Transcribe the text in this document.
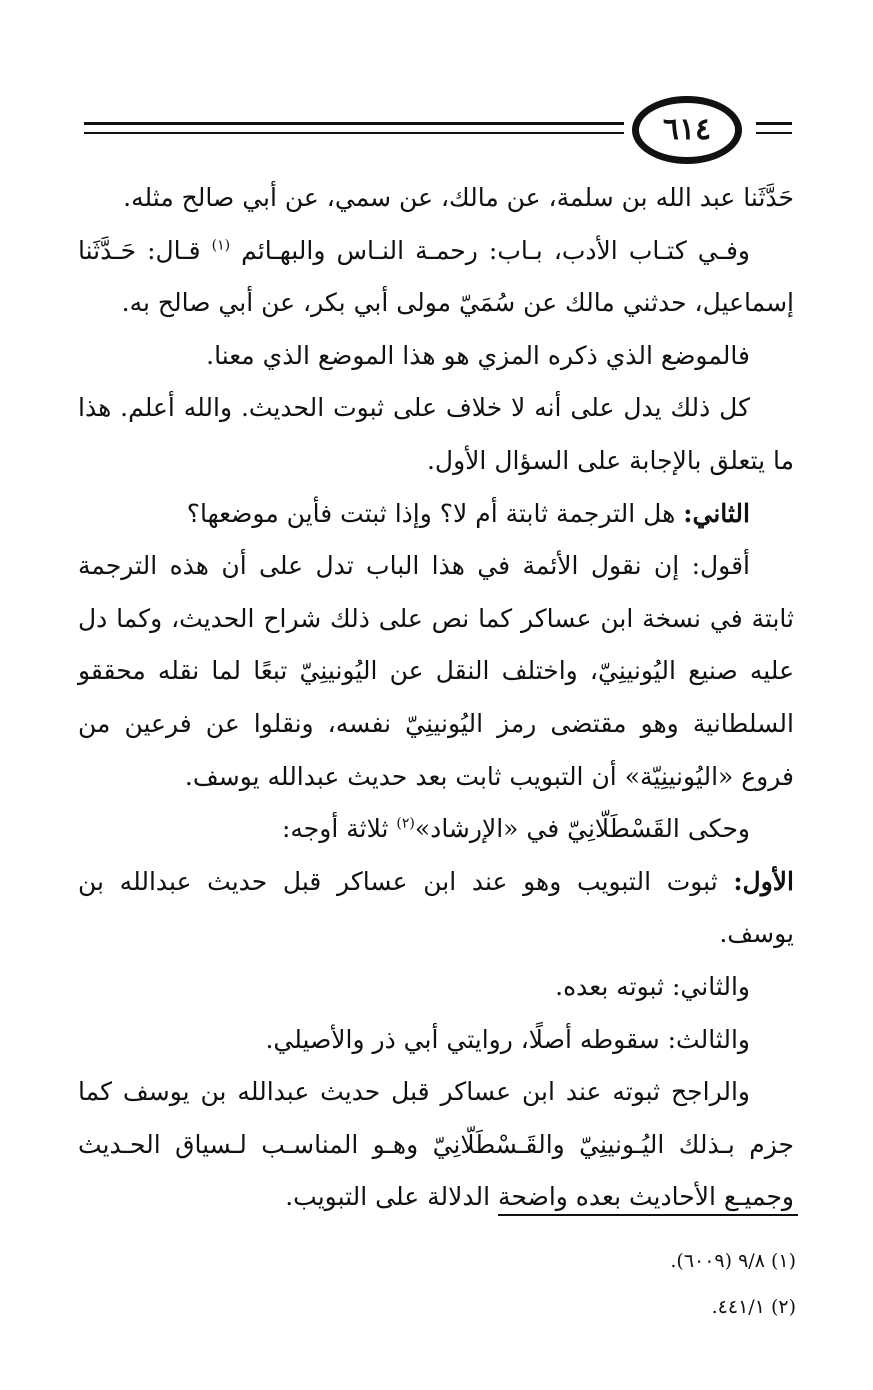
٦١٤

حَدَّثَنا عبد الله بن سلمة، عن مالك، عن سمي، عن أبي صالح مثله.

وفـي كتـاب الأدب، بـاب: رحمـة النـاس والبهـائم $^{(١)}$ قـال: حَـدَّثَنا إسماعيل، حدثني مالك عن سُمَيّ مولى أبي بكر، عن أبي صالح به.

فالموضع الذي ذكره المزي هو هذا الموضع الذي معنا.

كل ذلك يدل على أنه لا خلاف على ثبوت الحديث. والله أعلم. هذا ما يتعلق بالإجابة على السؤال الأول.

الثاني: هل الترجمة ثابتة أم لا؟ وإذا ثبتت فأين موضعها؟

أقول: إن نقول الأئمة في هذا الباب تدل على أن هذه الترجمة ثابتة في نسخة ابن عساكر كما نص على ذلك شراح الحديث، وكما دل عليه صنيع اليُونينِيّ، واختلف النقل عن اليُونينِيّ تبعًا لما نقله محققو السلطانية وهو مقتضى رمز اليُونينِيّ نفسه، ونقلوا عن فرعين من فروع «اليُونينِيّة» أن التبويب ثابت بعد حديث عبدالله يوسف.

وحكى القَسْطَلّانِيّ في «الإرشاد»$^{(٢)}$ ثلاثة أوجه:

الأول: ثبوت التبويب وهو عند ابن عساكر قبل حديث عبدالله بن يوسف.

والثاني: ثبوته بعده.

والثالث: سقوطه أصلًا، روايتي أبي ذر والأصيلي.

والراجح ثبوته عند ابن عساكر قبل حديث عبدالله بن يوسف كما جزم بـذلك اليُـونينِيّ والقَـسْطَلّانِيّ وهـو المناسـب لـسياق الحـديث وجميـع الأحاديث بعده واضحة الدلالة على التبويب.

(١) ٩/٨ (٦٠٠٩).
(٢) ٤٤١/١.
